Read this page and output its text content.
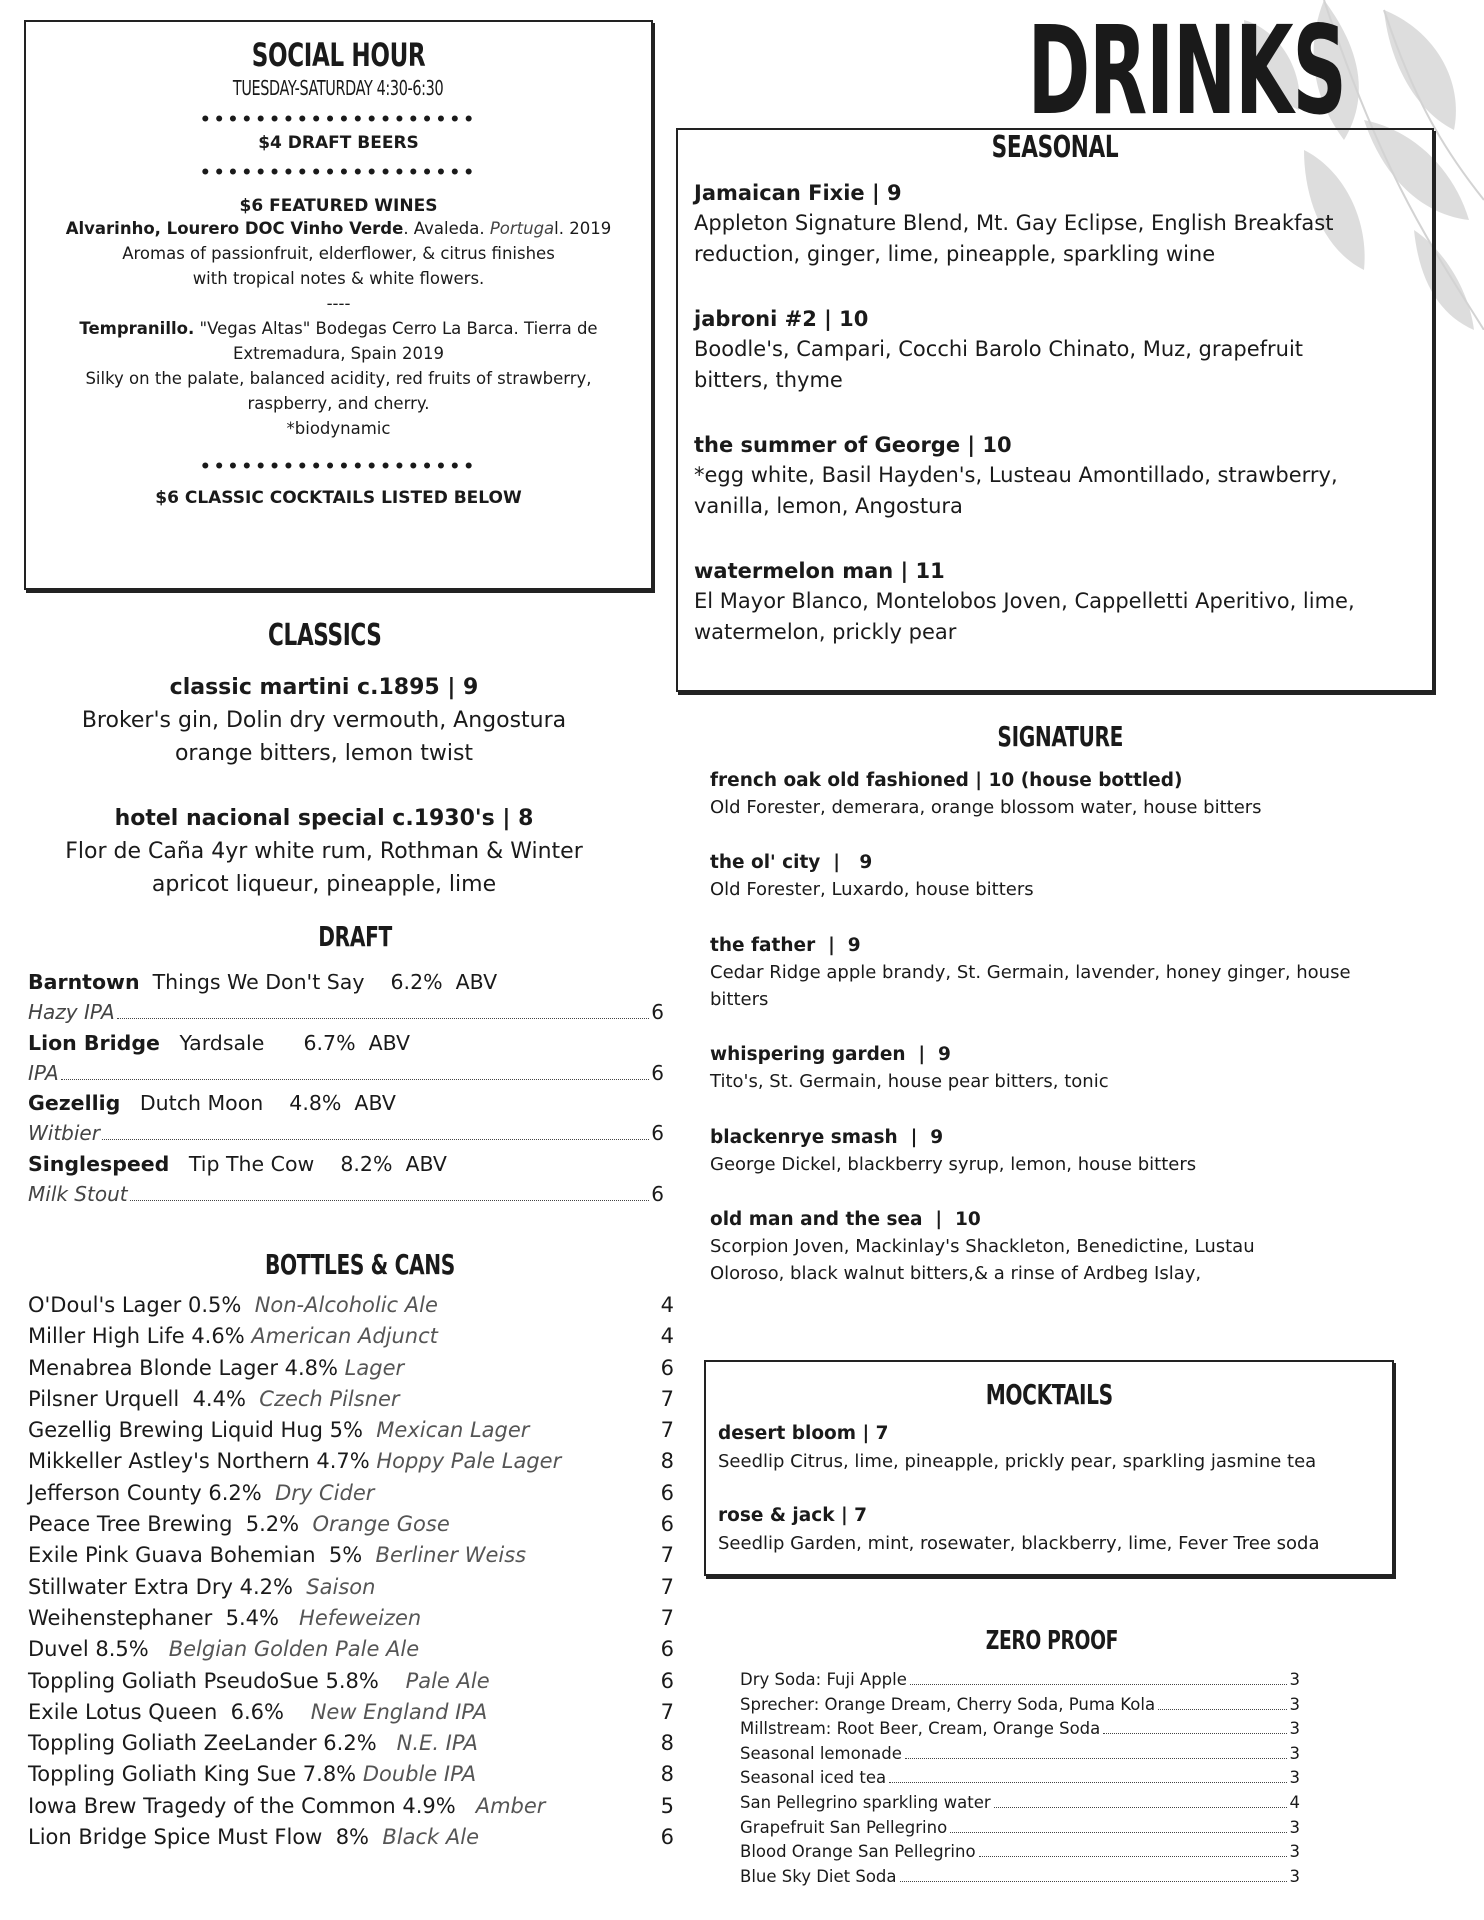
DRINKS
SOCIAL HOUR
TUESDAY-SATURDAY 4:30-6:30
••••••••••••••••••••
$4 DRAFT BEERS
••••••••••••••••••••
$6 FEATURED WINES
Alvarinho, Lourero DOC Vinho Verde. Avaleda. Portugal. 2019
Aromas of passionfruit, elderflower, & citrus finishes
with tropical notes & white flowers.
----
Tempranillo. "Vegas Altas" Bodegas Cerro La Barca. Tierra de
Extremadura, Spain 2019
Silky on the palate, balanced acidity, red fruits of strawberry,
raspberry, and cherry.
*biodynamic
••••••••••••••••••••
$6 CLASSIC COCKTAILS LISTED BELOW
SEASONAL
Jamaican Fixie | 9
Appleton Signature Blend, Mt. Gay Eclipse, English Breakfast
reduction, ginger, lime, pineapple, sparkling wine
jabroni #2 | 10
Boodle's, Campari, Cocchi Barolo Chinato, Muz, grapefruit
bitters, thyme
the summer of George | 10
*egg white, Basil Hayden's, Lusteau Amontillado, strawberry,
vanilla, lemon, Angostura
watermelon man | 11
El Mayor Blanco, Montelobos Joven, Cappelletti Aperitivo, lime,
watermelon, prickly pear
CLASSICS
classic martini c.1895 | 9
Broker's gin, Dolin dry vermouth, Angostura
orange bitters, lemon twist
hotel nacional special c.1930's | 8
Flor de Caña 4yr white rum, Rothman & Winter
apricot liqueur, pineapple, lime
DRAFT
Barntown  Things We Don't Say    6.2%  ABV
Hazy IPA	6
Lion Bridge   Yardsale      6.7%  ABV
IPA	6
Gezellig   Dutch Moon    4.8%  ABV
Witbier	6
Singlespeed   Tip The Cow    8.2%  ABV
Milk Stout	6
BOTTLES & CANS
O'Doul's Lager 0.5%  Non-Alcoholic Ale	4
Miller High Life 4.6% American Adjunct	4
Menabrea Blonde Lager 4.8% Lager	6
Pilsner Urquell  4.4%  Czech Pilsner	7
Gezellig Brewing Liquid Hug 5%  Mexican Lager	7
Mikkeller Astley's Northern 4.7% Hoppy Pale Lager	8
Jefferson County 6.2%  Dry Cider	6
Peace Tree Brewing  5.2%  Orange Gose	6
Exile Pink Guava Bohemian  5%  Berliner Weiss	7
Stillwater Extra Dry 4.2%  Saison	7
Weihenstephaner  5.4%   Hefeweizen	7
Duvel 8.5%   Belgian Golden Pale Ale	6
Toppling Goliath PseudoSue 5.8%    Pale Ale	6
Exile Lotus Queen  6.6%    New England IPA	7
Toppling Goliath ZeeLander 6.2%   N.E. IPA	8
Toppling Goliath King Sue 7.8% Double IPA	8
Iowa Brew Tragedy of the Common 4.9%   Amber	5
Lion Bridge Spice Must Flow  8%  Black Ale	6
SIGNATURE
french oak old fashioned | 10 (house bottled)
Old Forester, demerara, orange blossom water, house bitters
the ol' city  |   9
Old Forester, Luxardo, house bitters
the father  |  9
Cedar Ridge apple brandy, St. Germain, lavender, honey ginger, house
bitters
whispering garden  |  9
Tito's, St. Germain, house pear bitters, tonic
blackenrye smash  |  9
George Dickel, blackberry syrup, lemon, house bitters
old man and the sea  |  10
Scorpion Joven, Mackinlay's Shackleton, Benedictine, Lustau
Oloroso, black walnut bitters,& a rinse of Ardbeg Islay,
MOCKTAILS
desert bloom | 7
Seedlip Citrus, lime, pineapple, prickly pear, sparkling jasmine tea
rose & jack | 7
Seedlip Garden, mint, rosewater, blackberry, lime, Fever Tree soda
ZERO PROOF
Dry Soda: Fuji Apple	3
Sprecher: Orange Dream, Cherry Soda, Puma Kola	3
Millstream: Root Beer, Cream, Orange Soda	3
Seasonal lemonade	3
Seasonal iced tea	3
San Pellegrino sparkling water	4
Grapefruit San Pellegrino	3
Blood Orange San Pellegrino	3
Blue Sky Diet Soda	3
